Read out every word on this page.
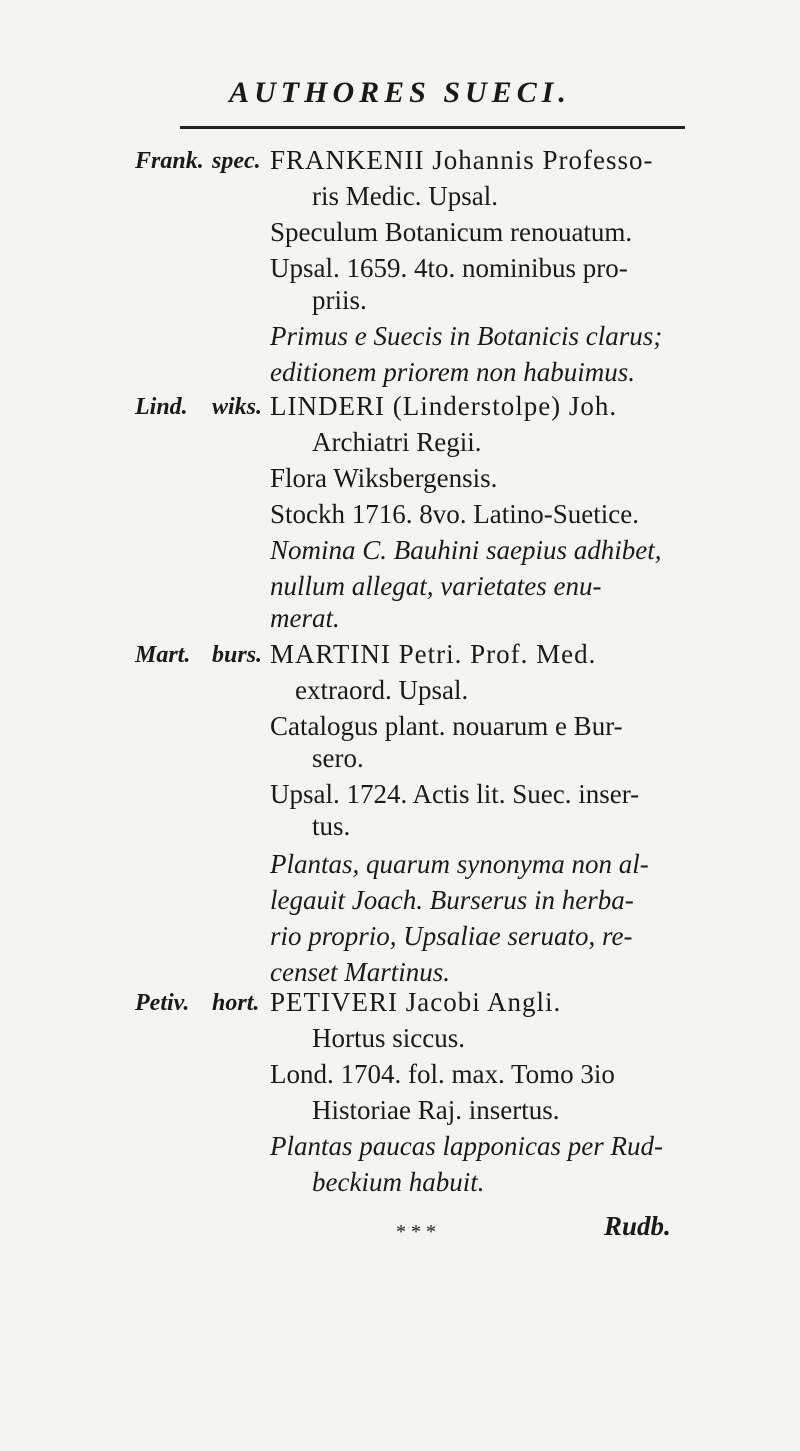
AUTHORES SUECI.
Frank. spec. FRANKENII Johannis Professo-
ris Medic. Upsal.
Speculum Botanicum renouatum.
Upsal. 1659. 4to. nominibus pro-
priis.
Primus e Suecis in Botanicis clarus;
editionem priorem non habuimus.
Lind. wiks. LINDERI (Linderstolpe) Joh.
Archiatri Regii.
Flora Wiksbergensis.
Stockh 1716. 8vo. Latino-Suetice.
Nomina C. Bauhini saepius adhibet,
nullum allegat, varietates enu-
merat.
Mart. burs. MARTINI Petri. Prof. Med.
extraord. Upsal.
Catalogus plant. nouarum e Bur-
sero.
Upsal. 1724. Actis lit. Suec. inser-
tus.
Plantas, quarum synonyma non al-
legauit Joach. Burserus in herba-
rio proprio, Upsaliae seruato, re-
censet Martinus.
Petiv. hort. PETIVERI Jacobi Angli.
Hortus siccus.
Lond. 1704. fol. max. Tomo 3io
Historiae Raj. insertus.
Plantas paucas lapponicas per Rud-
beckium habuit.
* * *	Rudb.
